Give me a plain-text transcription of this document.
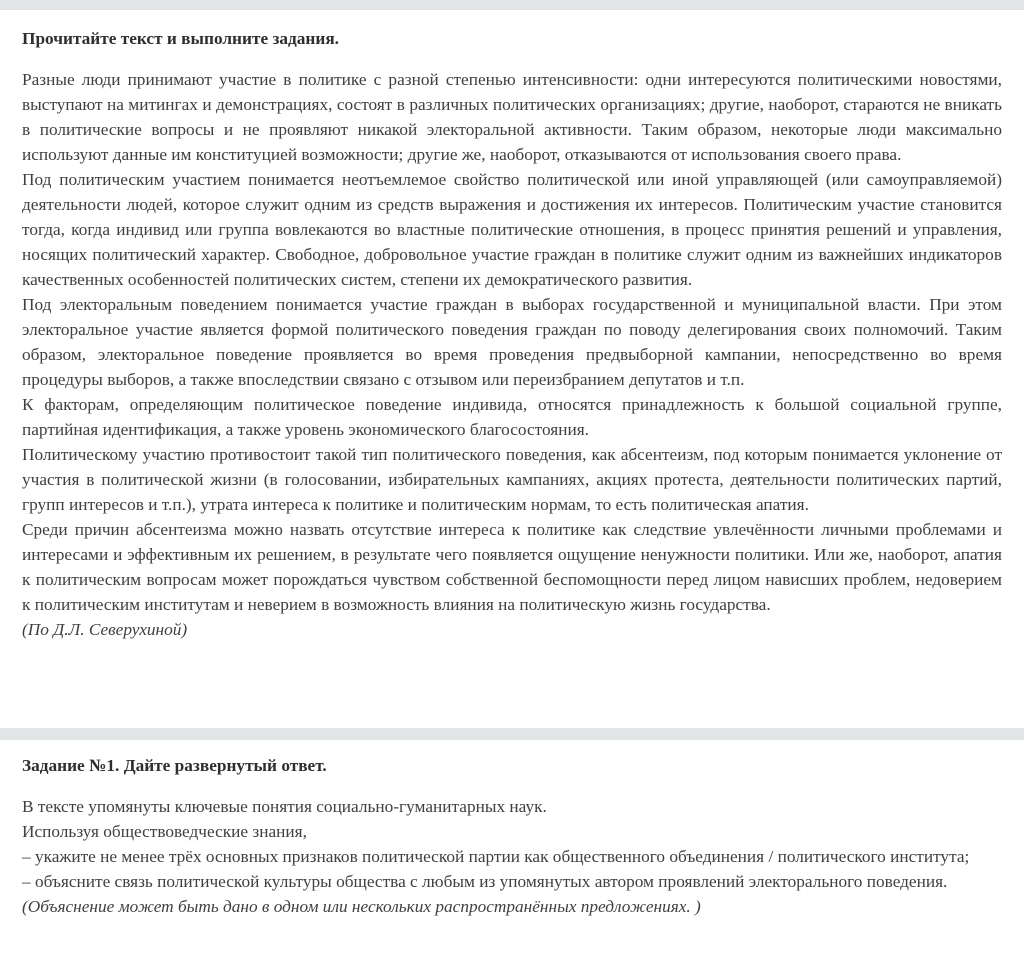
Прочитайте текст и выполните задания.

Разные люди принимают участие в политике с разной степенью интенсивности: одни интересуются политическими новостями, выступают на митингах и демонстрациях, состоят в различных политических организациях; другие, наоборот, стараются не вникать в политические вопросы и не проявляют никакой электоральной активности. Таким образом, некоторые люди максимально используют данные им конституцией возможности; другие же, наоборот, отказываются от использования своего права.

Под политическим участием понимается неотъемлемое свойство политической или иной управляющей (или самоуправляемой) деятельности людей, которое служит одним из средств выражения и достижения их интересов. Политическим участие становится тогда, когда индивид или группа вовлекаются во властные политические отношения, в процесс принятия решений и управления, носящих политический характер. Свободное, добровольное участие граждан в политике служит одним из важнейших индикаторов качественных особенностей политических систем, степени их демократического развития.

Под электоральным поведением понимается участие граждан в выборах государственной и муниципальной власти. При этом электоральное участие является формой политического поведения граждан по поводу делегирования своих полномочий. Таким образом, электоральное поведение проявляется во время проведения предвыборной кампании, непосредственно во время процедуры выборов, а также впоследствии связано с отзывом или переизбранием депутатов и т.п.

К факторам, определяющим политическое поведение индивида, относятся принадлежность к большой социальной группе, партийная идентификация, а также уровень экономического благосостояния.

Политическому участию противостоит такой тип политического поведения, как абсентеизм, под которым понимается уклонение от участия в политической жизни (в голосовании, избирательных кампаниях, акциях протеста, деятельности политических партий, групп интересов и т.п.), утрата интереса к политике и политическим нормам, то есть политическая апатия.

Среди причин абсентеизма можно назвать отсутствие интереса к политике как следствие увлечённости личными проблемами и интересами и эффективным их решением, в результате чего появляется ощущение ненужности политики. Или же, наоборот, апатия к политическим вопросам может порождаться чувством собственной беспомощности перед лицом нависших проблем, недоверием к политическим институтам и неверием в возможность влияния на политическую жизнь государства.

(По Д.Л. Северухиной)

Задание №1. Дайте развернутый ответ.

В тексте упомянуты ключевые понятия социально-гуманитарных наук.

Используя обществоведческие знания,

– укажите не менее трёх основных признаков политической партии как общественного объединения / политического института;

– объясните связь политической культуры общества с любым из упомянутых автором проявлений электорального поведения.

(Объяснение может быть дано в одном или нескольких распространённых предложениях. )
